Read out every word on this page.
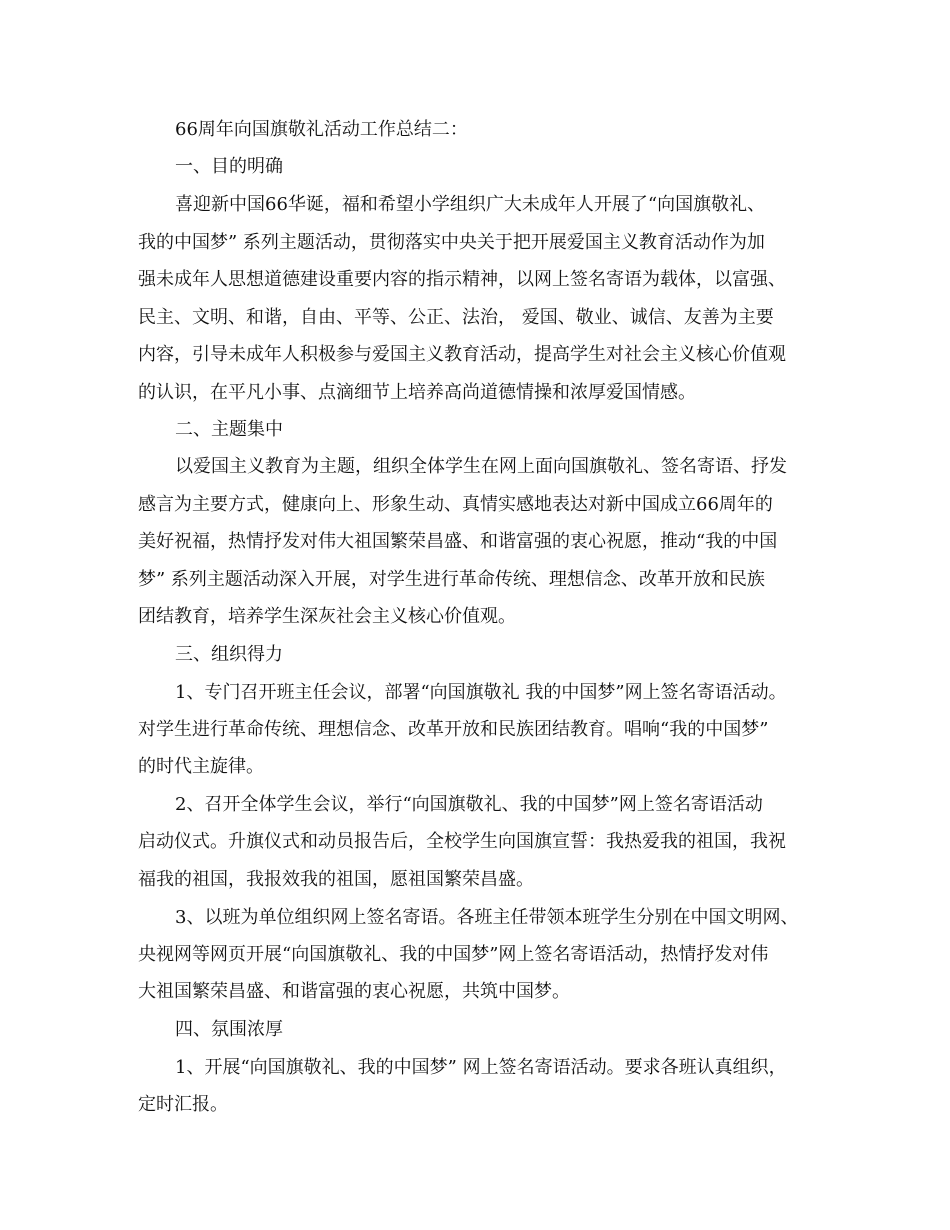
66周年向国旗敬礼活动工作总结二：
一、目的明确
喜迎新中国66华诞，福和希望小学组织广大未成年人开展了“向国旗敬礼、
我的中国梦” 系列主题活动，贯彻落实中央关于把开展爱国主义教育活动作为加
强未成年人思想道德建设重要内容的指示精神，以网上签名寄语为载体，以富强、
民主、文明、和谐，自由、平等、公正、法治， 爱国、敬业、诚信、友善为主要
内容，引导未成年人积极参与爱国主义教育活动，提高学生对社会主义核心价值观
的认识，在平凡小事、点滴细节上培养高尚道德情操和浓厚爱国情感。
二、主题集中
以爱国主义教育为主题，组织全体学生在网上面向国旗敬礼、签名寄语、抒发
感言为主要方式，健康向上、形象生动、真情实感地表达对新中国成立66周年的
美好祝福，热情抒发对伟大祖国繁荣昌盛、和谐富强的衷心祝愿，推动“我的中国
梦” 系列主题活动深入开展，对学生进行革命传统、理想信念、改革开放和民族
团结教育，培养学生深灰社会主义核心价值观。
三、组织得力
1、专门召开班主任会议，部署“向国旗敬礼 我的中国梦”网上签名寄语活动。
对学生进行革命传统、理想信念、改革开放和民族团结教育。唱响“我的中国梦”
的时代主旋律。
2、召开全体学生会议，举行“向国旗敬礼、我的中国梦”网上签名寄语活动
启动仪式。升旗仪式和动员报告后，全校学生向国旗宣誓：我热爱我的祖国，我祝
福我的祖国，我报效我的祖国，愿祖国繁荣昌盛。
3、以班为单位组织网上签名寄语。各班主任带领本班学生分别在中国文明网、
央视网等网页开展“向国旗敬礼、我的中国梦”网上签名寄语活动，热情抒发对伟
大祖国繁荣昌盛、和谐富强的衷心祝愿，共筑中国梦。
四、氛围浓厚
1、开展“向国旗敬礼、我的中国梦” 网上签名寄语活动。要求各班认真组织，
定时汇报。
